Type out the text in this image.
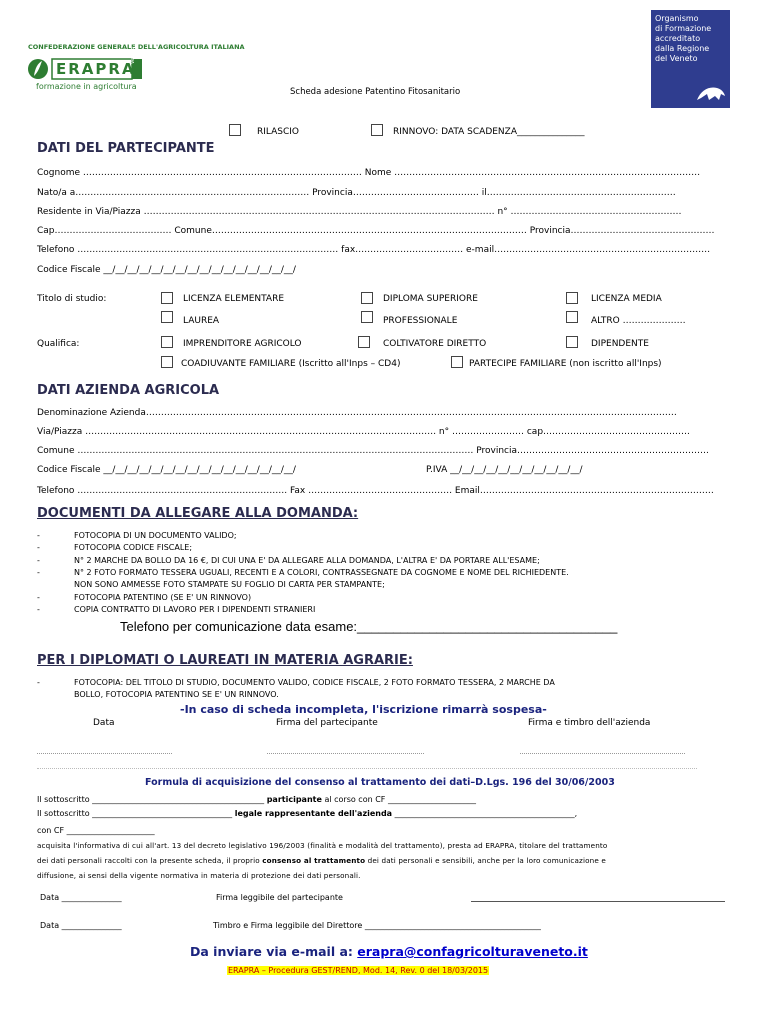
CONFEDERAZIONE GENERALE DELL'AGRICOLTURA ITALIANA
ERAPRA
Veneto
formazione in agricoltura
Scheda adesione Patentino Fitosanitario
Organismo
di Formazione
accreditato
dalla Regione
del Veneto
RILASCIO	RINNOVO: DATA SCADENZA_______________
DATI DEL PARTECIPANTE
Cognome ………………………………………………………………………………… Nome …………………………………………………………………………………………
Nato/a a…………………………………………………………………… Provincia…………………………………… il………………………………………………………
Residente in Via/Piazza ……………………………………………………………………………………………………… n° …………………………………………………
Cap………………………………… Comune…………………………………………………………………………………………… Provincia…………………………………………
Telefono …………………………………………………………………………… fax……………………………… e-mail………………………………………………………………
Codice Fiscale __/__/__/__/__/__/__/__/__/__/__/__/__/__/__/__/
Titolo di studio:	LICENZA ELEMENTARE	DIPLOMA SUPERIORE	LICENZA MEDIA
LAUREA	PROFESSIONALE	ALTRO …………………
Qualifica:	IMPRENDITORE AGRICOLO	COLTIVATORE DIRETTO	DIPENDENTE
COADIUVANTE FAMILIARE (Iscritto all'Inps – CD4)	PARTECIPE FAMILIARE (non iscritto all'Inps)
DATI AZIENDA AGRICOLA
Denominazione Azienda……………………………………………………………………………………………………………………………………………………………
Via/Piazza ……………………………………………………………………………………………………… n° …………………… cap………………………………………….
Comune …………………………………………………………………………………………………………………… Provincia……………………………………………………….
Codice Fiscale __/__/__/__/__/__/__/__/__/__/__/__/__/__/__/__/	P.IVA __/__/__/__/__/__/__/__/__/__/__/
Telefono ……………………………………………………………. Fax ………………………………………… Email……………………………………………………………………
DOCUMENTI DA ALLEGARE ALLA DOMANDA:
-	FOTOCOPIA DI UN DOCUMENTO VALIDO;
-	FOTOCOPIA CODICE FISCALE;
-	N° 2 MARCHE DA BOLLO DA 16 €, DI CUI UNA E' DA ALLEGARE ALLA DOMANDA, L'ALTRA E' DA PORTARE ALL'ESAME;
-	N° 2 FOTO FORMATO TESSERA UGUALI, RECENTI E A COLORI, CONTRASSEGNATE DA COGNOME E NOME DEL RICHIEDENTE.
NON SONO AMMESSE FOTO STAMPATE SU FOGLIO DI CARTA PER STAMPANTE;
-	FOTOCOPIA PATENTINO (SE E' UN RINNOVO)
-	COPIA CONTRATTO DI LAVORO PER I DIPENDENTI STRANIERI
Telefono per comunicazione data esame:____________________________________
PER I DIPLOMATI O LAUREATI IN MATERIA AGRARIE:
-	FOTOCOPIA: DEL TITOLO DI STUDIO, DOCUMENTO VALIDO, CODICE FISCALE, 2 FOTO FORMATO TESSERA, 2 MARCHE DA
BOLLO, FOTOCOPIA PATENTINO SE E' UN RINNOVO.
-In caso di scheda incompleta, l'iscrizione rimarrà sospesa-
Data	Firma del partecipante	Firma e timbro dell'azienda
Formula di acquisizione del consenso al trattamento dei dati–D.Lgs. 196 del 30/06/2003
Il sottoscritto ___________________________________________ participante al corso con CF ______________________
Il sottoscritto ___________________________________ legale rappresentante dell'azienda _____________________________________________,
con CF ______________________
acquisita l'informativa di cui all'art. 13 del decreto legislativo 196/2003 (finalità e modalità del trattamento), presta ad ERAPRA, titolare del trattamento
dei dati personali raccolti con la presente scheda, il proprio consenso al trattamento dei dati personali e sensibili, anche per la loro comunicazione e
diffusione, ai sensi della vigente normativa in materia di protezione dei dati personali.
Data _______________	Firma leggibile del partecipante
Data _______________	Timbro e Firma leggibile del Direttore ____________________________________________
Da inviare via e-mail a: erapra@confagricolturaveneto.it
ERAPRA – Procedura GEST/REND, Mod. 14, Rev. 0 del 18/03/2015
